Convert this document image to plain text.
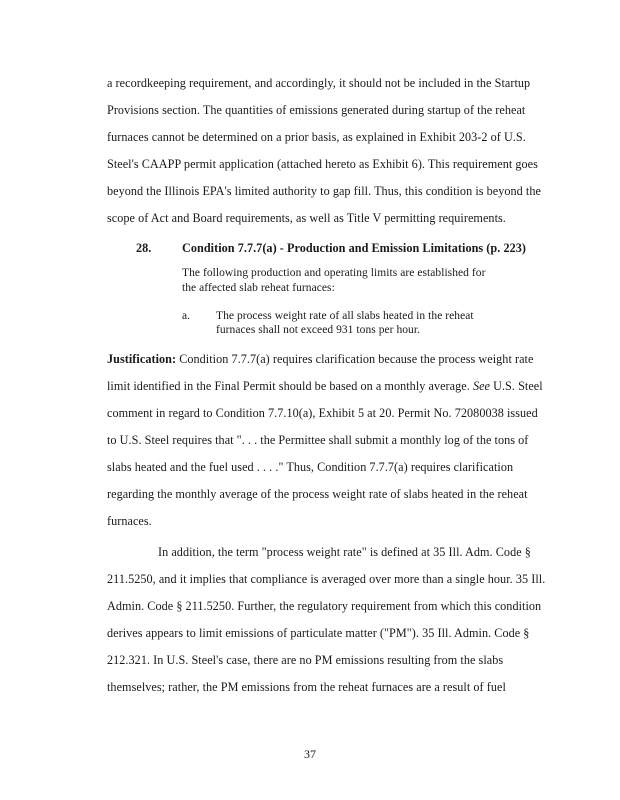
a recordkeeping requirement, and accordingly, it should not be included in the Startup
Provisions section. The quantities of emissions generated during startup of the reheat
furnaces cannot be determined on a prior basis, as explained in Exhibit 203-2 of U.S.
Steel's CAAPP permit application (attached hereto as Exhibit 6). This requirement goes
beyond the Illinois EPA's limited authority to gap fill. Thus, this condition is beyond the
scope of Act and Board requirements, as well as Title V permitting requirements.
28.	Condition 7.7.7(a) - Production and Emission Limitations (p. 223)
The following production and operating limits are established for
the affected slab reheat furnaces:
a. The process weight rate of all slabs heated in the reheat
furnaces shall not exceed 931 tons per hour.
Justification: Condition 7.7.7(a) requires clarification because the process weight rate
limit identified in the Final Permit should be based on a monthly average. See U.S. Steel
comment in regard to Condition 7.7.10(a), Exhibit 5 at 20. Permit No. 72080038 issued
to U.S. Steel requires that ". . . the Permittee shall submit a monthly log of the tons of
slabs heated and the fuel used . . . ." Thus, Condition 7.7.7(a) requires clarification
regarding the monthly average of the process weight rate of slabs heated in the reheat
furnaces.
In addition, the term "process weight rate" is defined at 35 Ill. Adm. Code §
211.5250, and it implies that compliance is averaged over more than a single hour. 35 Ill.
Admin. Code § 211.5250. Further, the regulatory requirement from which this condition
derives appears to limit emissions of particulate matter ("PM"). 35 Ill. Admin. Code §
212.321. In U.S. Steel's case, there are no PM emissions resulting from the slabs
themselves; rather, the PM emissions from the reheat furnaces are a result of fuel
37
